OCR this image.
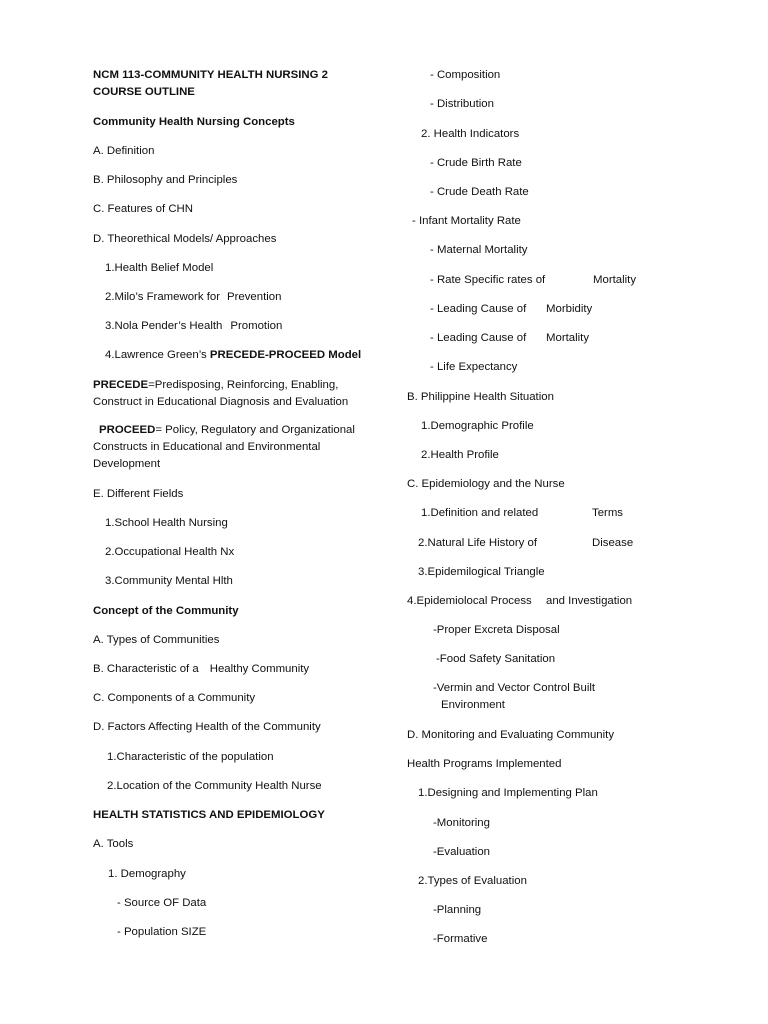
NCM 113-COMMUNITY HEALTH NURSING 2
COURSE OUTLINE
Community Health Nursing Concepts
A. Definition
B. Philosophy and Principles
C. Features of CHN
D. Theorethical Models/ Approaches
1.Health Belief Model
2.Milo’s Framework for Prevention
3.Nola Pender’s Health Promotion
4.Lawrence Green’s PRECEDE-PROCEED Model
PRECEDE=Predisposing, Reinforcing, Enabling, Construct in Educational Diagnosis and Evaluation
PROCEED= Policy, Regulatory and Organizational Constructs in Educational and Environmental Development
E. Different Fields
1.School Health Nursing
2.Occupational Health Nx
3.Community Mental Hlth
Concept of the Community
A. Types of Communities
B. Characteristic of a Healthy Community
C. Components of a Community
D. Factors Affecting Health of the Community
1.Characteristic of the population
2.Location of the Community Health Nurse
HEALTH STATISTICS AND EPIDEMIOLOGY
A. Tools
1. Demography
- Source OF Data
- Population SIZE
- Composition
- Distribution
2. Health Indicators
- Crude Birth Rate
- Crude Death Rate
- Infant Mortality Rate
- Maternal Mortality
- Rate Specific rates of	Mortality
- Leading Cause of Morbidity
- Leading Cause of Mortality
- Life Expectancy
B. Philippine Health Situation
1.Demographic Profile
2.Health Profile
C. Epidemiology and the Nurse
1.Definition and related	Terms
2.Natural Life History of	Disease
3.Epidemilogical Triangle
4.Epidemiolocal Process and Investigation
-Proper Excreta Disposal
-Food Safety Sanitation
-Vermin and Vector Control Built
Environment
D. Monitoring and Evaluating Community
Health Programs Implemented
1.Designing and Implementing Plan
-Monitoring
-Evaluation
2.Types of Evaluation
-Planning
-Formative
